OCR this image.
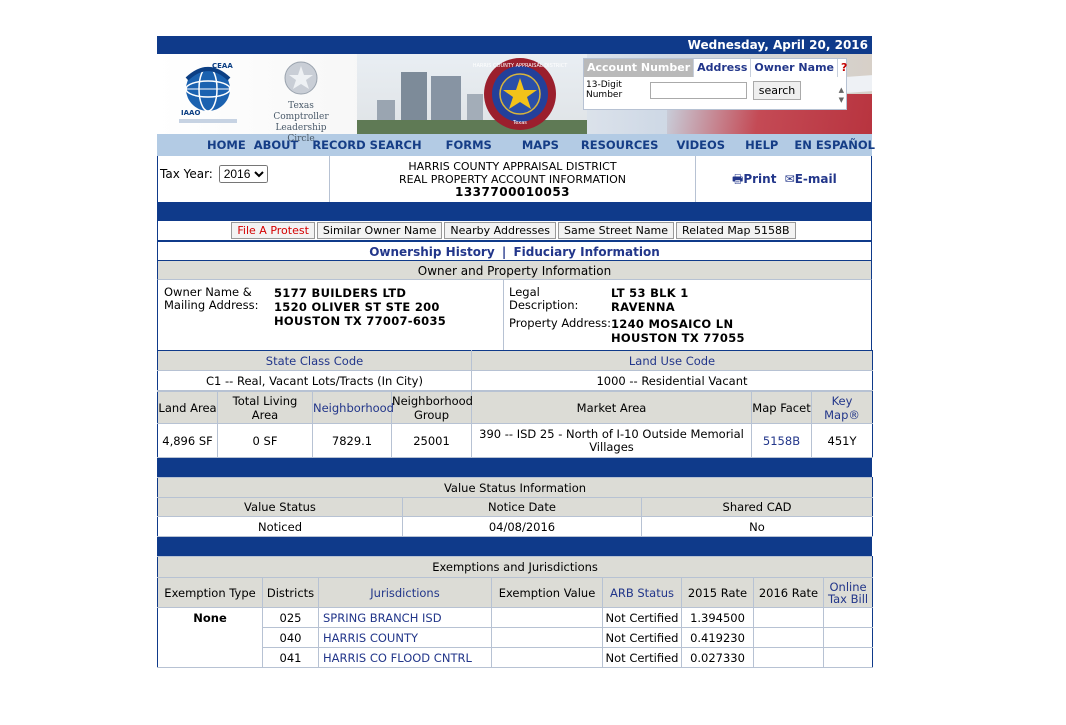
Wednesday, April 20, 2016
CEAA
IAAO
Texas Comptroller Leadership Circle
HARRIS COUNTY APPRAISAL DISTRICT
Texas
Account Number Address Owner Name ?
13-Digit Number	search	▲
▼
HOME ABOUT RECORD SEARCH FORMS	MAPS RESOURCES VIDEOS HELP EN ESPAÑOL
Tax Year:
2016
HARRIS COUNTY APPRAISAL DISTRICT
REAL PROPERTY ACCOUNT INFORMATION
1337700010053
🖶Print ✉E-mail
File A Protest	Similar Owner Name	Nearby Addresses	Same Street Name	Related Map 5158B
Ownership History | Fiduciary Information
Owner and Property Information
Owner Name &
Mailing Address:
5177 BUILDERS LTD
1520 OLIVER ST STE 200
HOUSTON TX 77007-6035
Legal Description:
LT 53 BLK 1
RAVENNA
Property Address: 1240 MOSAICO LN
HOUSTON TX 77055
State Class Code	Land Use Code
C1 -- Real, Vacant Lots/Tracts (In City)	1000 -- Residential Vacant
Land Area	Total Living Area	Neighborhood	Neighborhood Group	Market Area	Map Facet	Key Map®
4,896 SF	0 SF	7829.1	25001	390 -- ISD 25 - North of I-10 Outside Memorial Villages	5158B	451Y
Value Status Information		
Value Status	Notice Date	Shared CAD
Noticed	04/08/2016	No
Exemptions and Jurisdictions							
Exemption Type	Districts	Jurisdictions	Exemption Value	ARB Status	2015 Rate	2016 Rate	Online Tax Bill
None	025	SPRING BRANCH ISD		Not Certified	1.394500		
	040	HARRIS COUNTY		Not Certified	0.419230		
	041	HARRIS CO FLOOD CNTRL		Not Certified	0.027330		
